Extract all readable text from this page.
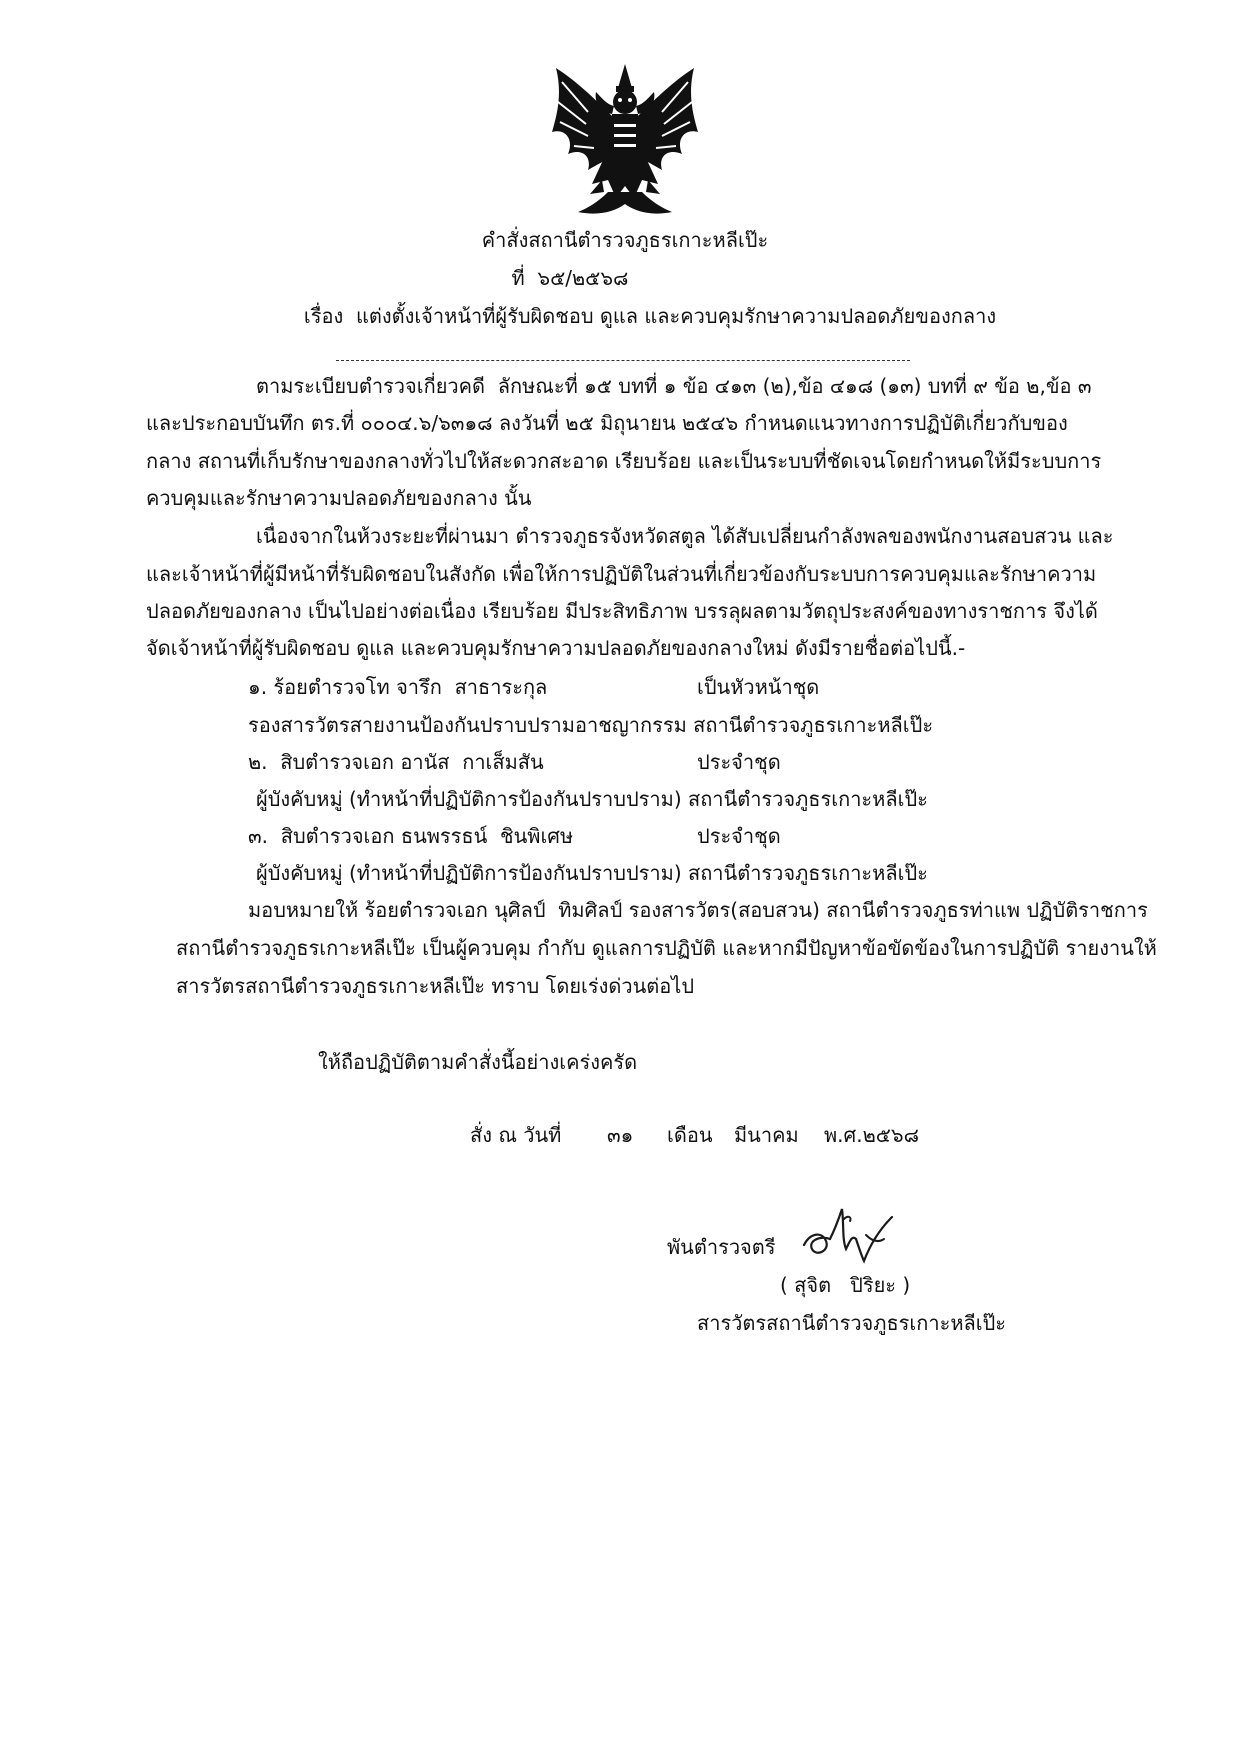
คำสั่งสถานีตำรวจภูธรเกาะหลีเป๊ะ
ที่  ๖๕/๒๕๖๘
เรื่อง  แต่งตั้งเจ้าหน้าที่ผู้รับผิดชอบ ดูแล และควบคุมรักษาความปลอดภัยของกลาง
ตามระเบียบตำรวจเกี่ยวคดี  ลักษณะที่ ๑๕ บทที่ ๑ ข้อ ๔๑๓ (๒),ข้อ ๔๑๘ (๑๓) บทที่ ๙ ข้อ ๒,ข้อ ๓
และประกอบบันทึก ตร.ที่ ๐๐๐๔.๖/๖๓๑๘ ลงวันที่ ๒๕ มิถุนายน ๒๕๔๖ กำหนดแนวทางการปฏิบัติเกี่ยวกับของ
กลาง สถานที่เก็บรักษาของกลางทั่วไปให้สะดวกสะอาด เรียบร้อย และเป็นระบบที่ชัดเจนโดยกำหนดให้มีระบบการ
ควบคุมและรักษาความปลอดภัยของกลาง นั้น
เนื่องจากในห้วงระยะที่ผ่านมา ตำรวจภูธรจังหวัดสตูล ได้สับเปลี่ยนกำลังพลของพนักงานสอบสวน และ
และเจ้าหน้าที่ผู้มีหน้าที่รับผิดชอบในสังกัด เพื่อให้การปฏิบัติในส่วนที่เกี่ยวข้องกับระบบการควบคุมและรักษาความ
ปลอดภัยของกลาง เป็นไปอย่างต่อเนื่อง เรียบร้อย มีประสิทธิภาพ บรรลุผลตามวัตถุประสงค์ของทางราชการ จึงได้
จัดเจ้าหน้าที่ผู้รับผิดชอบ ดูแล และควบคุมรักษาความปลอดภัยของกลางใหม่ ดังมีรายชื่อต่อไปนี้.-
๑. ร้อยตำรวจโท จารึก  สาธาระกุล	เป็นหัวหน้าชุด
รองสารวัตรสายงานป้องกันปราบปรามอาชญากรรม สถานีตำรวจภูธรเกาะหลีเป๊ะ
๒.  สิบตำรวจเอก อานัส  กาเส็มสัน	ประจำชุด
ผู้บังคับหมู่ (ทำหน้าที่ปฏิบัติการป้องกันปราบปราม) สถานีตำรวจภูธรเกาะหลีเป๊ะ
๓.  สิบตำรวจเอก ธนพรรธน์  ชินพิเศษ	ประจำชุด
ผู้บังคับหมู่ (ทำหน้าที่ปฏิบัติการป้องกันปราบปราม) สถานีตำรวจภูธรเกาะหลีเป๊ะ
มอบหมายให้ ร้อยตำรวจเอก นุศิลป์  ทิมศิลป์ รองสารวัตร(สอบสวน) สถานีตำรวจภูธรท่าแพ ปฏิบัติราชการ
สถานีตำรวจภูธรเกาะหลีเป๊ะ เป็นผู้ควบคุม กำกับ ดูแลการปฏิบัติ และหากมีปัญหาข้อขัดข้องในการปฏิบัติ รายงานให้
สารวัตรสถานีตำรวจภูธรเกาะหลีเป๊ะ ทราบ โดยเร่งด่วนต่อไป
ให้ถือปฏิบัติตามคำสั่งนี้อย่างเคร่งครัด
สั่ง ณ วันที่ ๓๑ เดือน มีนาคม พ.ศ.๒๕๖๘
พันตำรวจตรี
( สุจิต   ปิริยะ )
สารวัตรสถานีตำรวจภูธรเกาะหลีเป๊ะ
